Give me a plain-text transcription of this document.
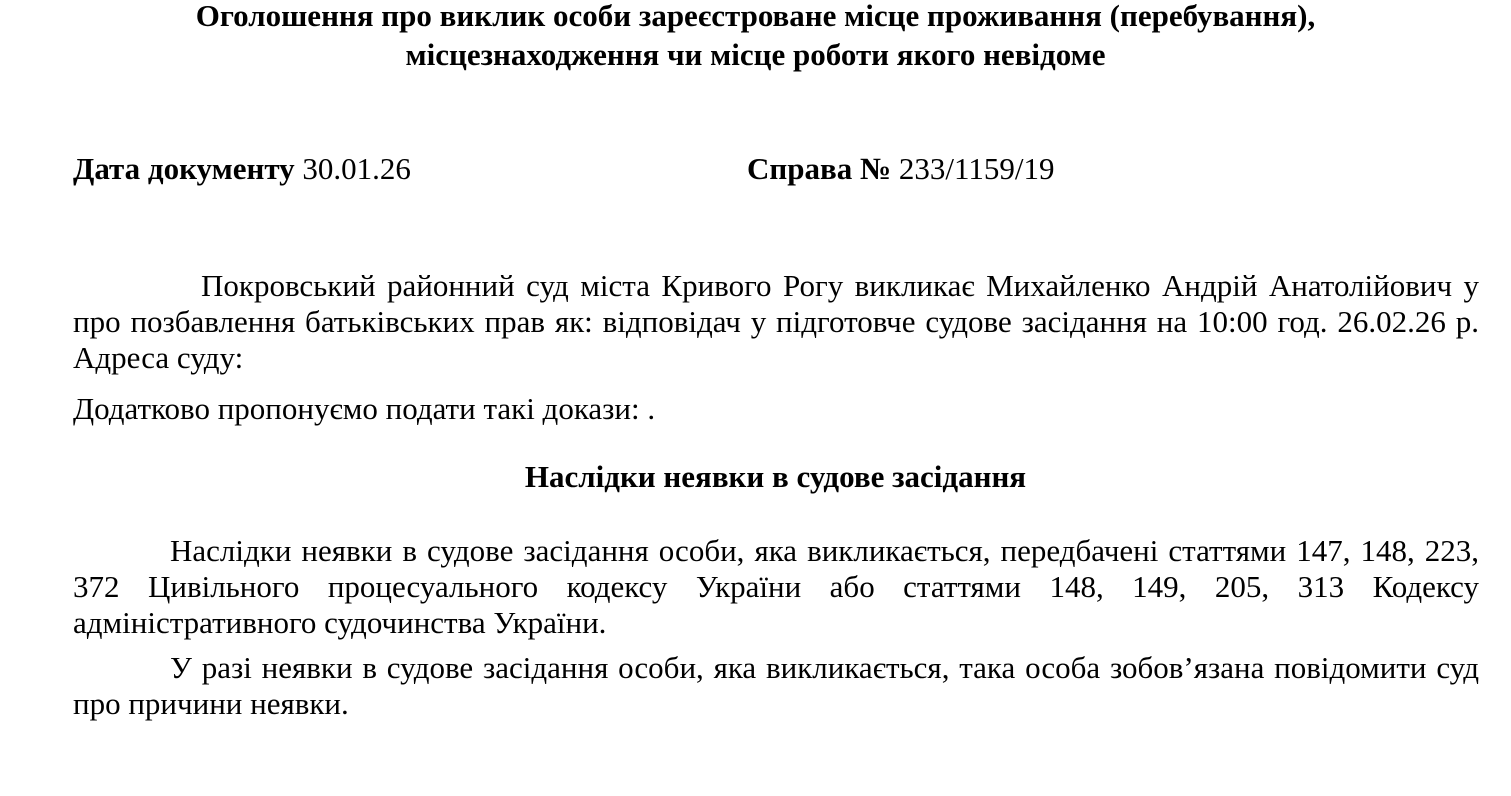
Оголошення про виклик особи зареєстроване місце проживання (перебування),
місцезнаходження чи місце роботи якого невідоме
Дата документу 30.01.26	Справа № 233/1159/19
Покровський районний суд міста Кривого Рогу викликає Михайленко Андрій Анатолійович у про позбавлення батьківських прав як: відповідач у підготовче судове засідання на 10:00 год. 26.02.26 р. Адреса суду:
Додатково пропонуємо подати такі докази: .
Наслідки неявки в судове засідання
Наслідки неявки в судове засідання особи, яка викликається, передбачені статтями 147, 148, 223, 372 Цивільного процесуального кодексу України або статтями 148, 149, 205, 313 Кодексу адміністративного судочинства України.
У разі неявки в судове засідання особи, яка викликається, така особа зобов’язана повідомити суд про причини неявки.
